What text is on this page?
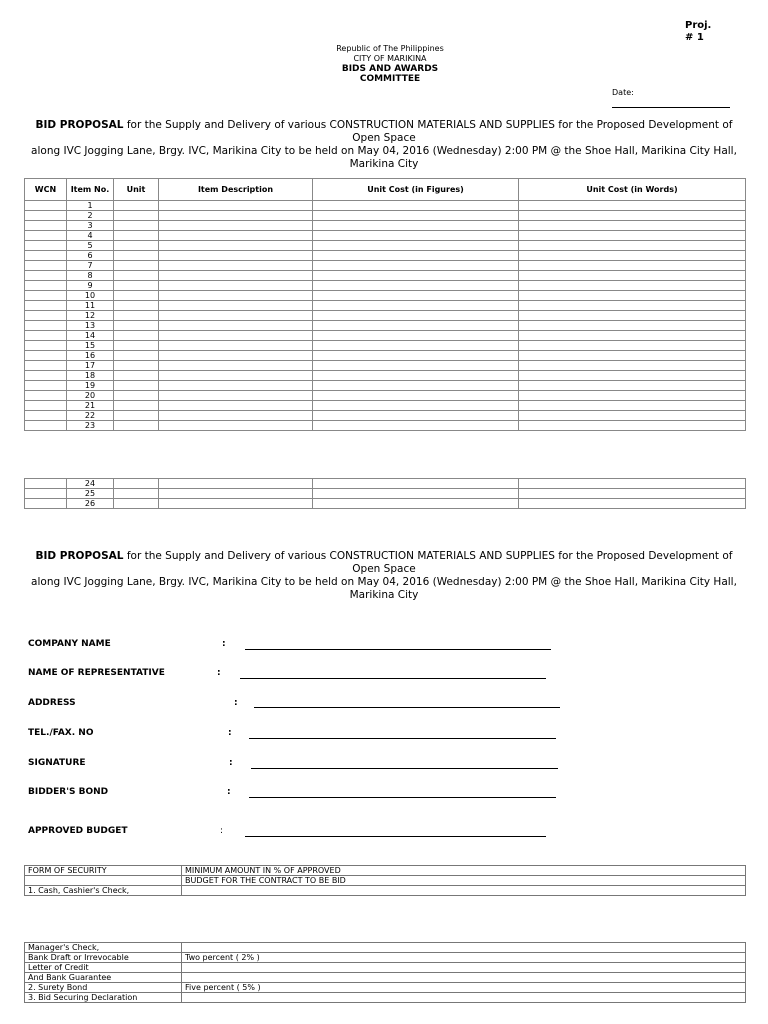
Proj.
# 1
Republic of The Philippines
CITY OF MARIKINA
BIDS AND AWARDS
COMMITTEE
Date:
BID PROPOSAL for the Supply and Delivery of various CONSTRUCTION MATERIALS AND SUPPLIES for the Proposed Development of
Open Space
along IVC Jogging Lane, Brgy. IVC, Marikina City to be held on May 04, 2016 (Wednesday) 2:00 PM @ the Shoe Hall, Marikina City Hall,
Marikina City
WCN	Item No.	Unit	Item Description	Unit Cost (in Figures)	Unit Cost (in Words)
	1				
	2				
	3				
	4				
	5				
	6				
	7				
	8				
	9				
	10				
	11				
	12				
	13				
	14				
	15				
	16				
	17				
	18				
	19				
	20				
	21				
	22				
	23				
	24				
	25				
	26				
BID PROPOSAL for the Supply and Delivery of various CONSTRUCTION MATERIALS AND SUPPLIES for the Proposed Development of
Open Space
along IVC Jogging Lane, Brgy. IVC, Marikina City to be held on May 04, 2016 (Wednesday) 2:00 PM @ the Shoe Hall, Marikina City Hall,
Marikina City
COMPANY NAME	:
NAME OF REPRESENTATIVE	:
ADDRESS	:
TEL./FAX. NO	:
SIGNATURE	:
BIDDER'S BOND	:
APPROVED BUDGET	:
FORM OF SECURITY	MINIMUM AMOUNT IN % OF APPROVED
	BUDGET FOR THE CONTRACT TO BE BID
1. Cash, Cashier's Check,	
Manager's Check,	
Bank Draft or Irrevocable	Two percent ( 2% )
Letter of Credit	
And Bank Guarantee	
2. Surety Bond	Five percent ( 5% )
3. Bid Securing Declaration	
